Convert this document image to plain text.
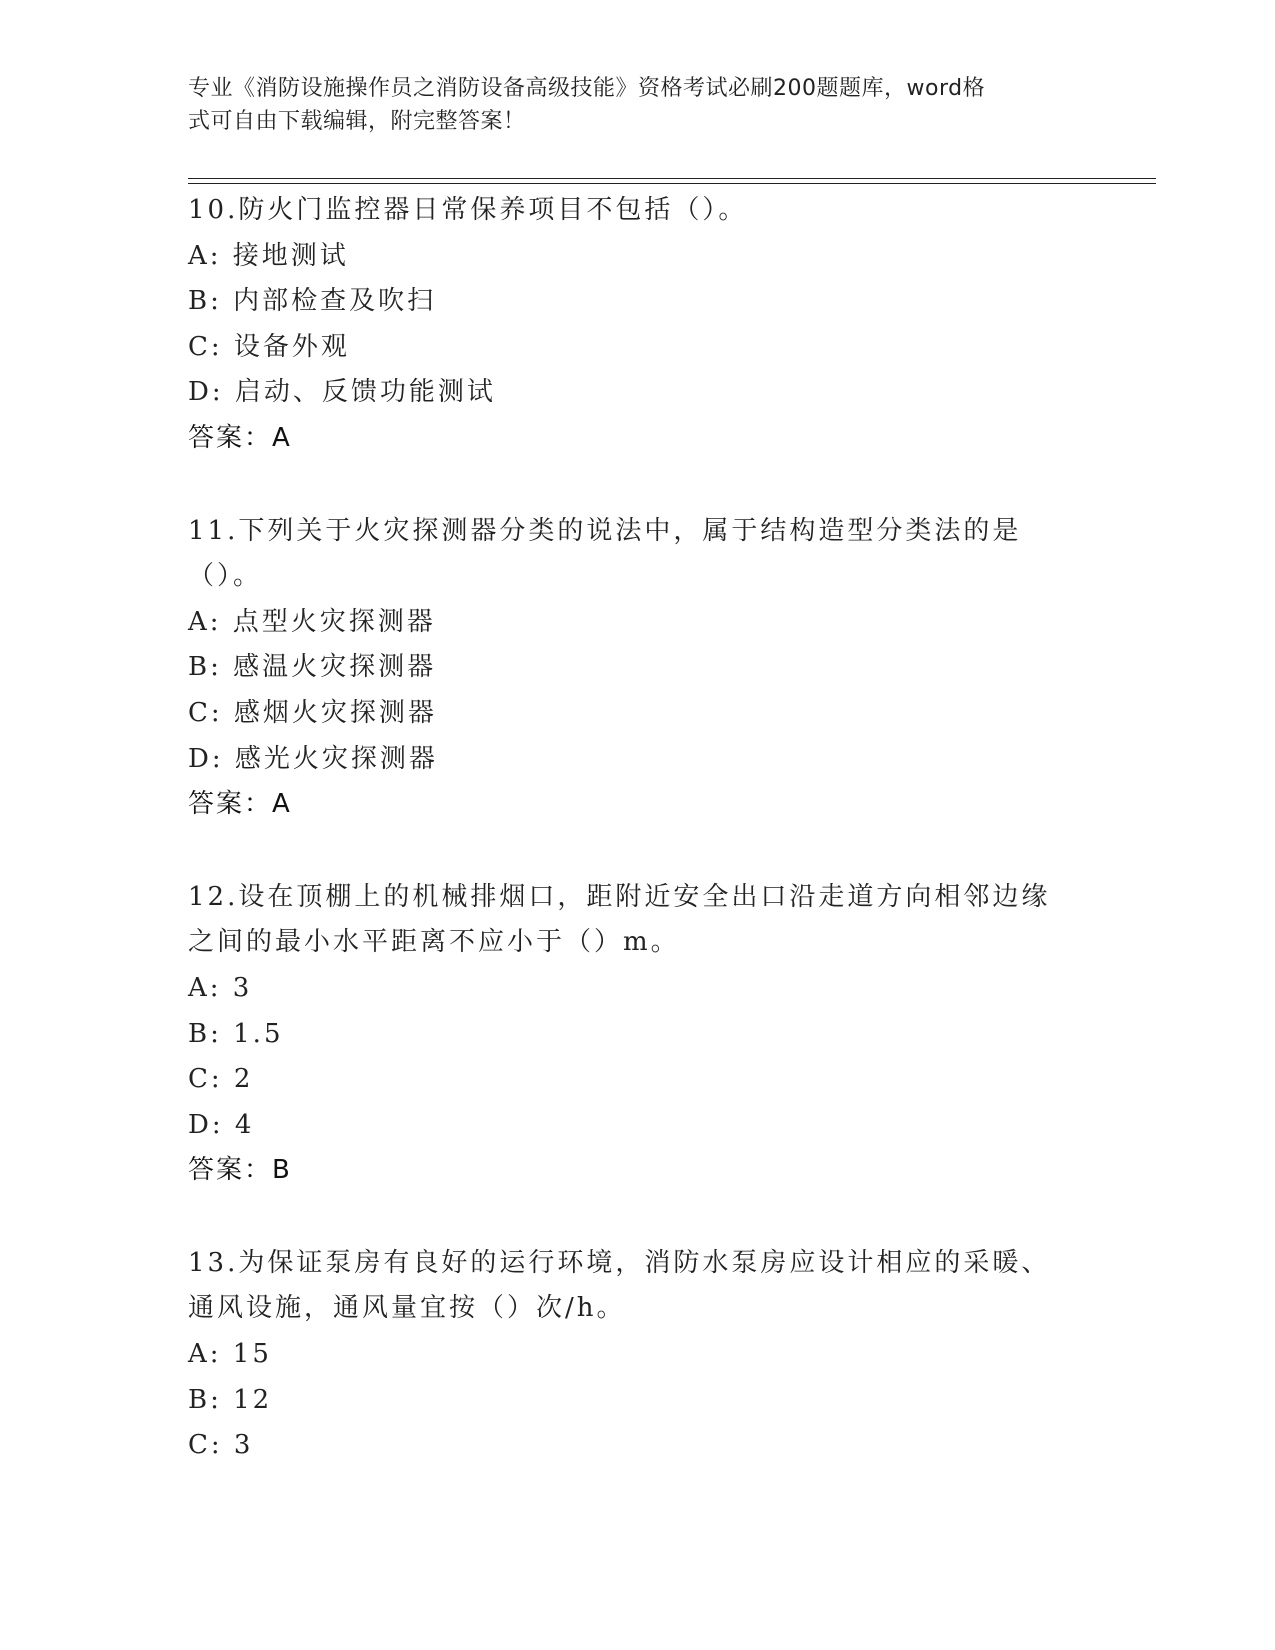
专业《消防设施操作员之消防设备高级技能》资格考试必刷200题题库，word格
式可自由下载编辑，附完整答案！
10.防火门监控器日常保养项目不包括（）。
A: 接地测试
B: 内部检查及吹扫
C: 设备外观
D: 启动、反馈功能测试
答案：A
11.下列关于火灾探测器分类的说法中，属于结构造型分类法的是（）。
A: 点型火灾探测器
B: 感温火灾探测器
C: 感烟火灾探测器
D: 感光火灾探测器
答案：A
12.设在顶棚上的机械排烟口，距附近安全出口沿走道方向相邻边缘之间的最小水平距离不应小于（）m。
A: 3
B: 1.5
C: 2
D: 4
答案：B
13.为保证泵房有良好的运行环境，消防水泵房应设计相应的采暖、通风设施，通风量宜按（）次/h。
A: 15
B: 12
C: 3
